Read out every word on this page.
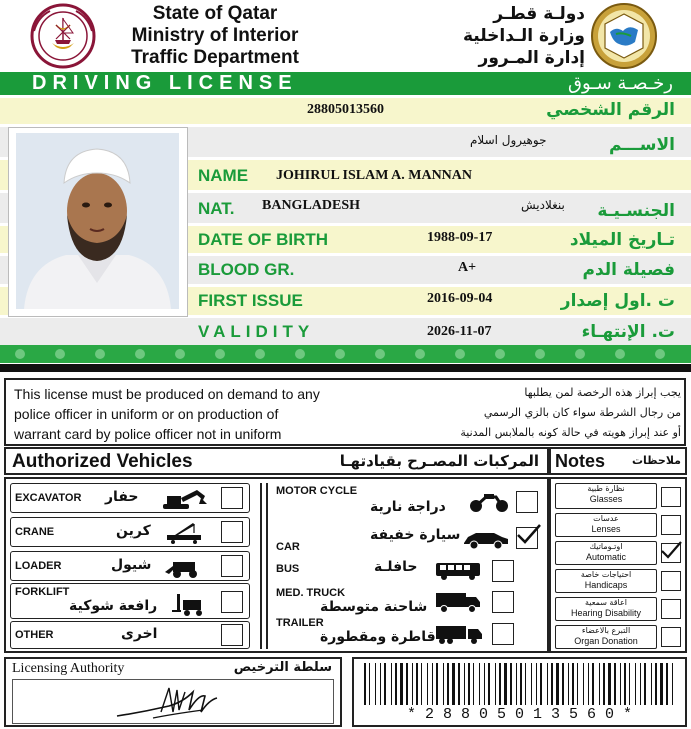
State of Qatar
Ministry of Interior
Traffic Department
دولـة قطـر
وزارة الـداخلية
إدارة المـرور
DRIVING LICENSE	رخـصـة سـوق
28805013560	الرقم الشخصي
جوهيرول اسلام	الاســـم
NAME JOHIRUL ISLAM A. MANNAN
NAT. BANGLADESH	بنغلاديش الجنسـيـة
DATE OF BIRTH	1988-09-17	تـاريخ الميلاد
BLOOD GR.	A+	فصيلة الدم
FIRST ISSUE	2016-09-04	ت .اول إصدار
VALIDITY	2026-11-07	ت. الإنتهـاء
This license must be produced on demand to any
police officer in uniform or on production of
warrant card by police officer not in uniform
يجب إبراز هذه الرخصة لمن يطلبها
من رجال الشرطة سواء كان بالزي الرسمي
أو عند إبراز هويته في حالة كونه بالملابس المدنية
Authorized Vehicles	المركبات المصـرح بقيادتهـا Notes ملاحظات
EXCAVATOR حفار
CRANE	كرين
LOADER	شيول
FORKLIFT
رافعة شوكية
OTHER	اخرى
MOTOR CYCLE
دراجة نارية
CAR
سيارة خفيفة
BUS	حافلـة
MED. TRUCK
شاحنة متوسطة
TRAILER
قاطرة ومقطورة
نظارة طبية
Glasses
عدسات
Lenses
اوتـوماتيك
Automatic
احتياجات خاصة
Handicaps
اعاقة سمعية
Hearing Disability
التبرع بالاعضاء
Organ Donation
Licensing Authority	سلطة الترخيص
* 2 8 8 0 5 0 1 3 5 6 0 *
